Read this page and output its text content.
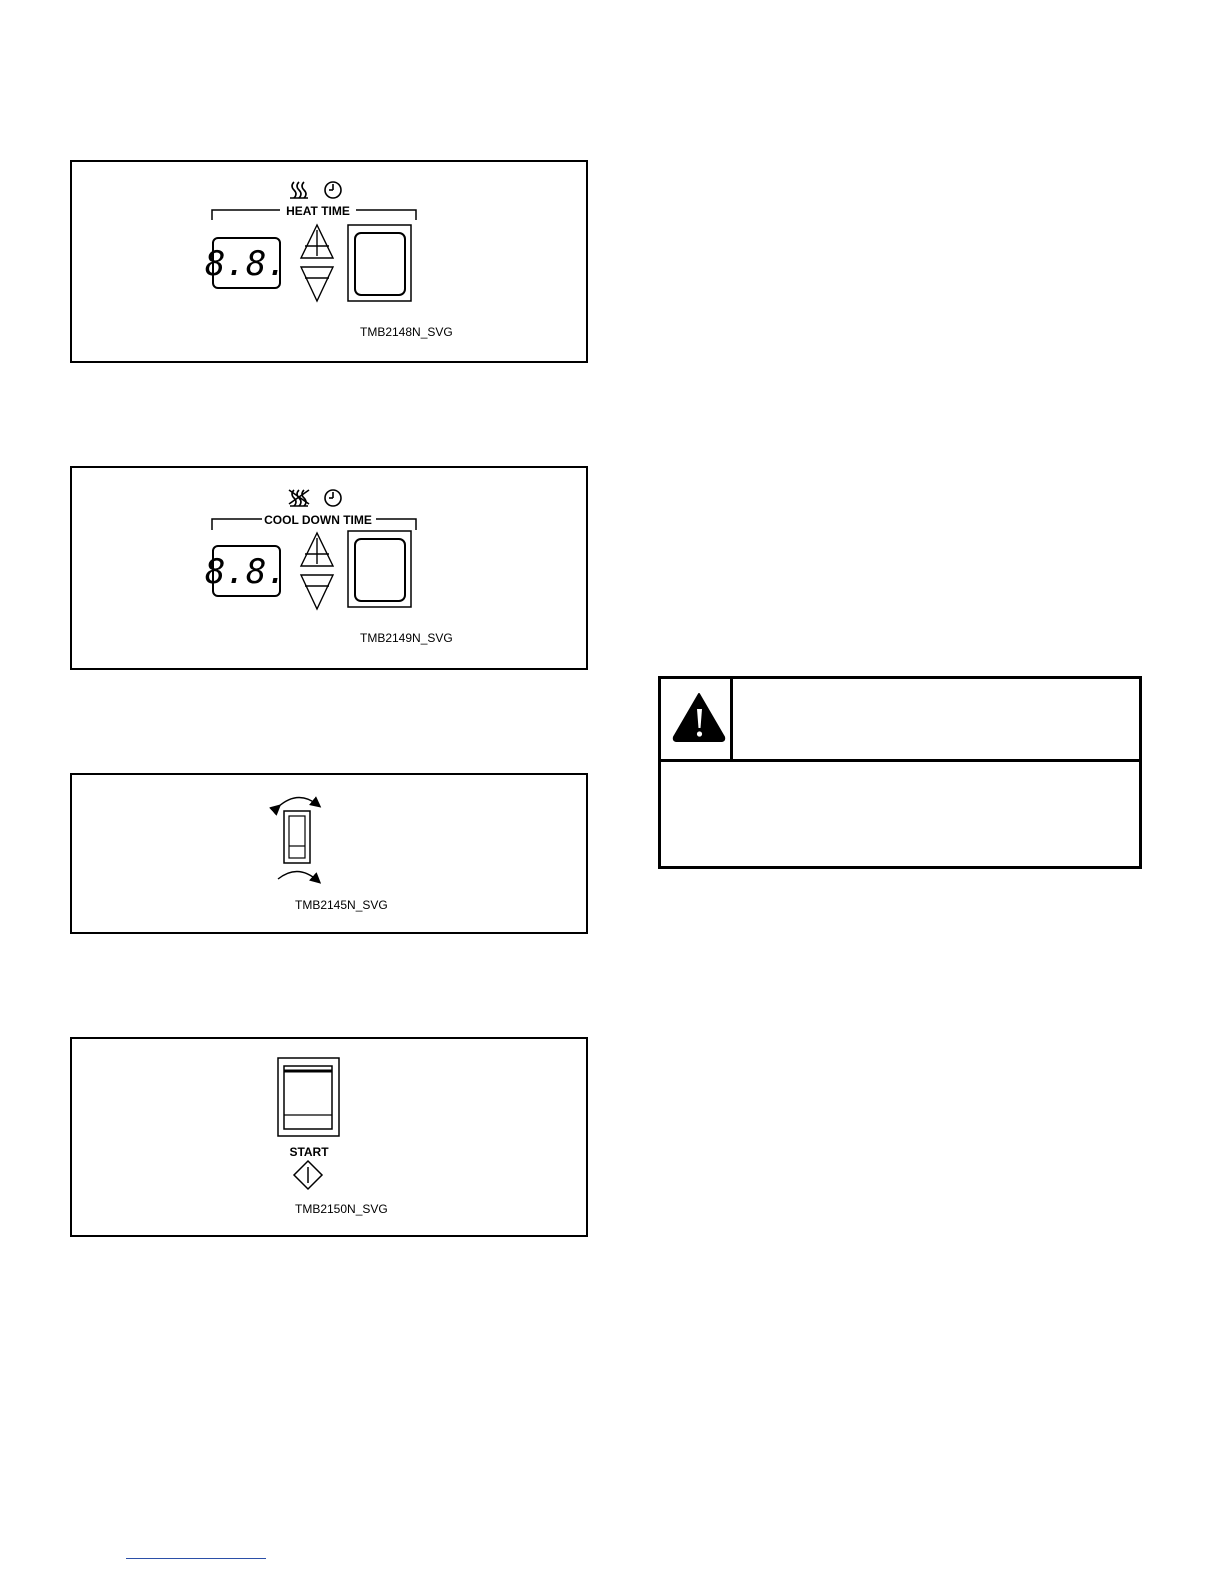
HEAT TIME
8.8.
TMB2148N_SVG
COOL DOWN TIME
8.8.
TMB2149N_SVG
TMB2145N_SVG
START
TMB2150N_SVG
